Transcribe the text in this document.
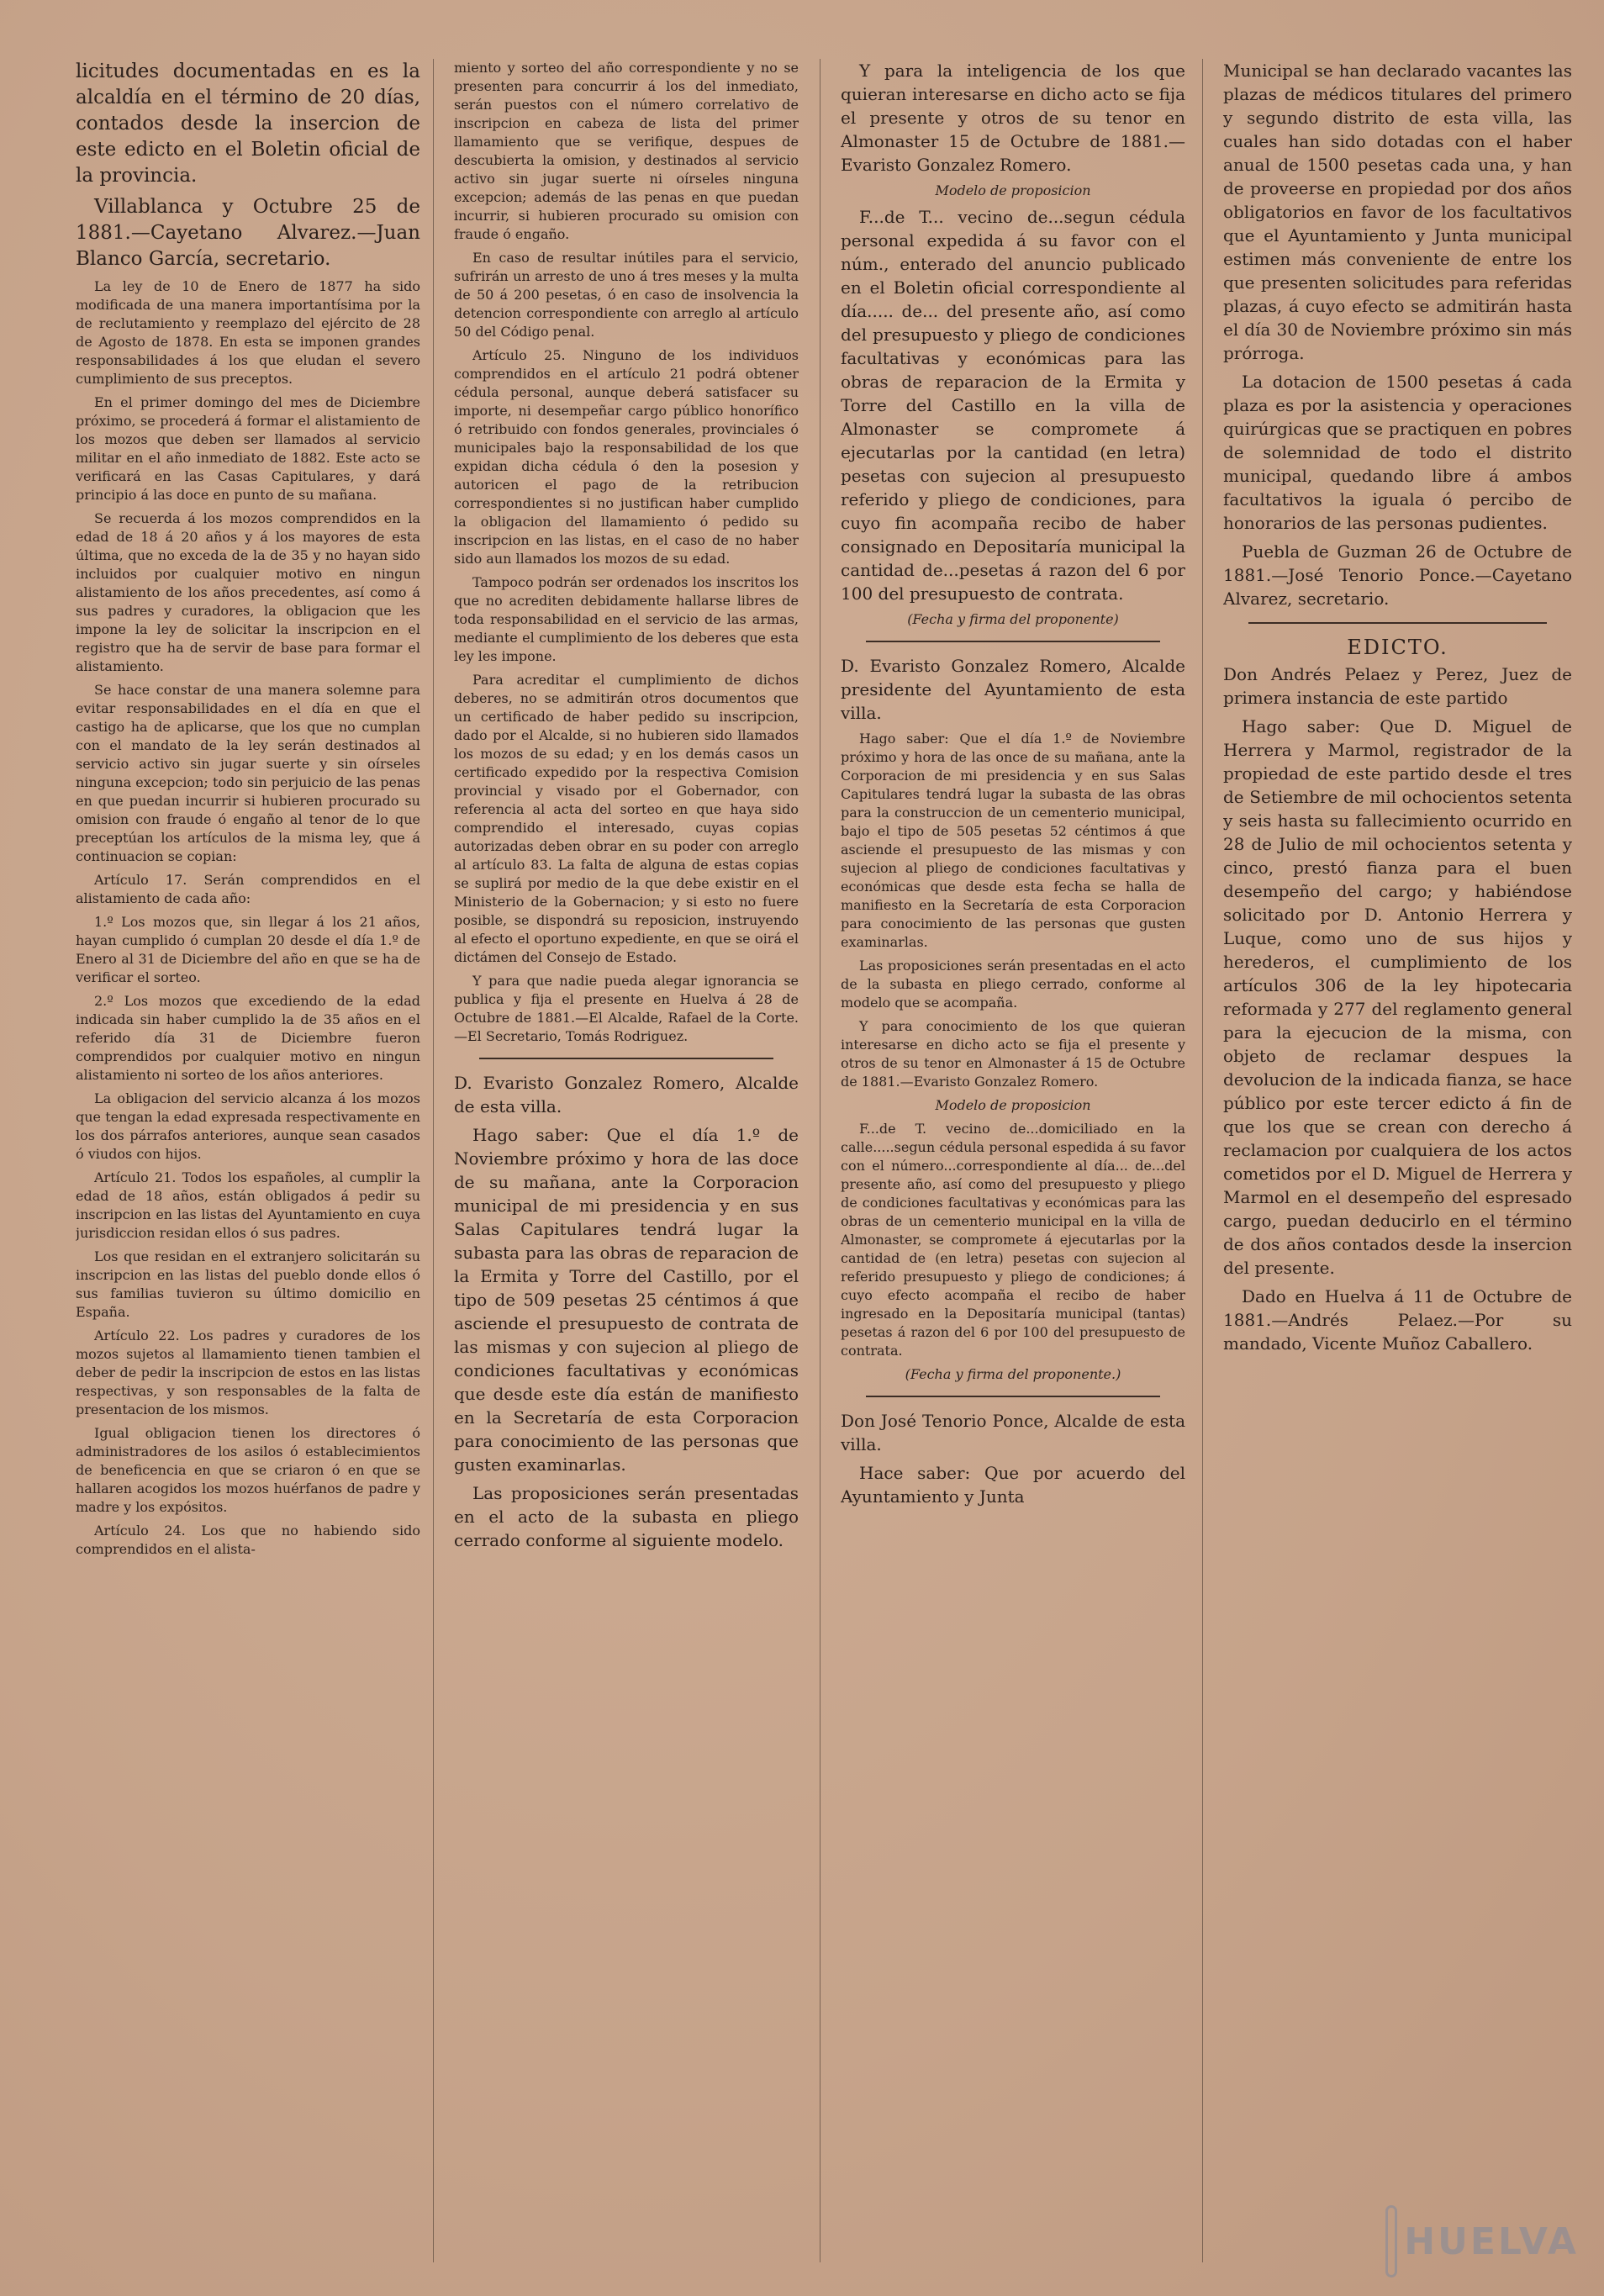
licitudes documentadas en es la alcaldía en el término de 20 días, contados desde la insercion de este edicto en el Boletin oficial de la provincia.

Villablanca y Octubre 25 de 1881.—Cayetano Alvarez.—Juan Blanco García, secretario.

La ley de 10 de Enero de 1877 ha sido modificada de una manera importantísima por la de reclutamiento y reemplazo del ejército de 28 de Agosto de 1878. En esta se imponen grandes responsabilidades á los que eludan el severo cumplimiento de sus preceptos.

En el primer domingo del mes de Diciembre próximo, se procederá á formar el alistamiento de los mozos que deben ser llamados al servicio militar en el año inmediato de 1882. Este acto se verificará en las Casas Capitulares, y dará principio á las doce en punto de su mañana.

Se recuerda á los mozos comprendidos en la edad de 18 á 20 años y á los mayores de esta última, que no exceda de la de 35 y no hayan sido incluidos por cualquier motivo en ningun alistamiento de los años precedentes, así como á sus padres y curadores, la obligacion que les impone la ley de solicitar la inscripcion en el registro que ha de servir de base para formar el alistamiento.

Se hace constar de una manera solemne para evitar responsabilidades en el día en que el castigo ha de aplicarse, que los que no cumplan con el mandato de la ley serán destinados al servicio activo sin jugar suerte y sin oírseles ninguna excepcion; todo sin perjuicio de las penas en que puedan incurrir si hubieren procurado su omision con fraude ó engaño al tenor de lo que preceptúan los artículos de la misma ley, que á continuacion se copian:

Artículo 17. Serán comprendidos en el alistamiento de cada año:

1.º Los mozos que, sin llegar á los 21 años, hayan cumplido ó cumplan 20 desde el día 1.º de Enero al 31 de Diciembre del año en que se ha de verificar el sorteo.

2.º Los mozos que excediendo de la edad indicada sin haber cumplido la de 35 años en el referido día 31 de Diciembre fueron comprendidos por cualquier motivo en ningun alistamiento ni sorteo de los años anteriores.

La obligacion del servicio alcanza á los mozos que tengan la edad expresada respectivamente en los dos párrafos anteriores, aunque sean casados ó viudos con hijos.

Artículo 21. Todos los españoles, al cumplir la edad de 18 años, están obligados á pedir su inscripcion en las listas del Ayuntamiento en cuya jurisdiccion residan ellos ó sus padres.

Los que residan en el extranjero solicitarán su inscripcion en las listas del pueblo donde ellos ó sus familias tuvieron su último domicilio en España.

Artículo 22. Los padres y curadores de los mozos sujetos al llamamiento tienen tambien el deber de pedir la inscripcion de estos en las listas respectivas, y son responsables de la falta de presentacion de los mismos.

Igual obligacion tienen los directores ó administradores de los asilos ó establecimientos de beneficencia en que se criaron ó en que se hallaren acogidos los mozos huérfanos de padre y madre y los expósitos.

Artículo 24. Los que no habiendo sido comprendidos en el alista-

miento y sorteo del año correspondiente y no se presenten para concurrir á los del inmediato, serán puestos con el número correlativo de inscripcion en cabeza de lista del primer llamamiento que se verifique, despues de descubierta la omision, y destinados al servicio activo sin jugar suerte ni oírseles ninguna excepcion; además de las penas en que puedan incurrir, si hubieren procurado su omision con fraude ó engaño.

En caso de resultar inútiles para el servicio, sufrirán un arresto de uno á tres meses y la multa de 50 á 200 pesetas, ó en caso de insolvencia la detencion correspondiente con arreglo al artículo 50 del Código penal.

Artículo 25. Ninguno de los individuos comprendidos en el artículo 21 podrá obtener cédula personal, aunque deberá satisfacer su importe, ni desempeñar cargo público honorífico ó retribuido con fondos generales, provinciales ó municipales bajo la responsabilidad de los que expidan dicha cédula ó den la posesion y autoricen el pago de la retribucion correspondientes si no justifican haber cumplido la obligacion del llamamiento ó pedido su inscripcion en las listas, en el caso de no haber sido aun llamados los mozos de su edad.

Tampoco podrán ser ordenados los inscritos los que no acrediten debidamente hallarse libres de toda responsabilidad en el servicio de las armas, mediante el cumplimiento de los deberes que esta ley les impone.

Para acreditar el cumplimiento de dichos deberes, no se admitirán otros documentos que un certificado de haber pedido su inscripcion, dado por el Alcalde, si no hubieren sido llamados los mozos de su edad; y en los demás casos un certificado expedido por la respectiva Comision provincial y visado por el Gobernador, con referencia al acta del sorteo en que haya sido comprendido el interesado, cuyas copias autorizadas deben obrar en su poder con arreglo al artículo 83. La falta de alguna de estas copias se suplirá por medio de la que debe existir en el Ministerio de la Gobernacion; y si esto no fuere posible, se dispondrá su reposicion, instruyendo al efecto el oportuno expediente, en que se oirá el dictámen del Consejo de Estado.

Y para que nadie pueda alegar ignorancia se publica y fija el presente en Huelva á 28 de Octubre de 1881.—El Alcalde, Rafael de la Corte.—El Secretario, Tomás Rodriguez.

D. Evaristo Gonzalez Romero, Alcalde de esta villa.

Hago saber: Que el día 1.º de Noviembre próximo y hora de las doce de su mañana, ante la Corporacion municipal de mi presidencia y en sus Salas Capitulares tendrá lugar la subasta para las obras de reparacion de la Ermita y Torre del Castillo, por el tipo de 509 pesetas 25 céntimos á que asciende el presupuesto de contrata de las mismas y con sujecion al pliego de condiciones facultativas y económicas que desde este día están de manifiesto en la Secretaría de esta Corporacion para conocimiento de las personas que gusten examinarlas.

Las proposiciones serán presentadas en el acto de la subasta en pliego cerrado conforme al siguiente modelo.

Y para la inteligencia de los que quieran interesarse en dicho acto se fija el presente y otros de su tenor en Almonaster 15 de Octubre de 1881.—Evaristo Gonzalez Romero.

Modelo de proposicion

F...de T... vecino de...segun cédula personal expedida á su favor con el núm., enterado del anuncio publicado en el Boletin oficial correspondiente al día..... de... del presente año, así como del presupuesto y pliego de condiciones facultativas y económicas para las obras de reparacion de la Ermita y Torre del Castillo en la villa de Almonaster se compromete á ejecutarlas por la cantidad (en letra) pesetas con sujecion al presupuesto referido y pliego de condiciones, para cuyo fin acompaña recibo de haber consignado en Depositaría municipal la cantidad de...pesetas á razon del 6 por 100 del presupuesto de contrata.

(Fecha y firma del proponente)

D. Evaristo Gonzalez Romero, Alcalde presidente del Ayuntamiento de esta villa.

Hago saber: Que el día 1.º de Noviembre próximo y hora de las once de su mañana, ante la Corporacion de mi presidencia y en sus Salas Capitulares tendrá lugar la subasta de las obras para la construccion de un cementerio municipal, bajo el tipo de 505 pesetas 52 céntimos á que asciende el presupuesto de las mismas y con sujecion al pliego de condiciones facultativas y económicas que desde esta fecha se halla de manifiesto en la Secretaría de esta Corporacion para conocimiento de las personas que gusten examinarlas.

Las proposiciones serán presentadas en el acto de la subasta en pliego cerrado, conforme al modelo que se acompaña.

Y para conocimiento de los que quieran interesarse en dicho acto se fija el presente y otros de su tenor en Almonaster á 15 de Octubre de 1881.—Evaristo Gonzalez Romero.

Modelo de proposicion

F...de T. vecino de...domiciliado en la calle.....segun cédula personal espedida á su favor con el número...correspondiente al día... de...del presente año, así como del presupuesto y pliego de condiciones facultativas y económicas para las obras de un cementerio municipal en la villa de Almonaster, se compromete á ejecutarlas por la cantidad de (en letra) pesetas con sujecion al referido presupuesto y pliego de condiciones; á cuyo efecto acompaña el recibo de haber ingresado en la Depositaría municipal (tantas) pesetas á razon del 6 por 100 del presupuesto de contrata.

(Fecha y firma del proponente.)

Don José Tenorio Ponce, Alcalde de esta villa.

Hace saber: Que por acuerdo del Ayuntamiento y Junta

Municipal se han declarado vacantes las plazas de médicos titulares del primero y segundo distrito de esta villa, las cuales han sido dotadas con el haber anual de 1500 pesetas cada una, y han de proveerse en propiedad por dos años obligatorios en favor de los facultativos que el Ayuntamiento y Junta municipal estimen más conveniente de entre los que presenten solicitudes para referidas plazas, á cuyo efecto se admitirán hasta el día 30 de Noviembre próximo sin más prórroga.

La dotacion de 1500 pesetas á cada plaza es por la asistencia y operaciones quirúrgicas que se practiquen en pobres de solemnidad de todo el distrito municipal, quedando libre á ambos facultativos la iguala ó percibo de honorarios de las personas pudientes.

Puebla de Guzman 26 de Octubre de 1881.—José Tenorio Ponce.—Cayetano Alvarez, secretario.

EDICTO.

Don Andrés Pelaez y Perez, Juez de primera instancia de este partido

Hago saber: Que D. Miguel de Herrera y Marmol, registrador de la propiedad de este partido desde el tres de Setiembre de mil ochocientos setenta y seis hasta su fallecimiento ocurrido en 28 de Julio de mil ochocientos setenta y cinco, prestó fianza para el buen desempeño del cargo; y habiéndose solicitado por D. Antonio Herrera y Luque, como uno de sus hijos y herederos, el cumplimiento de los artículos 306 de la ley hipotecaria reformada y 277 del reglamento general para la ejecucion de la misma, con objeto de reclamar despues la devolucion de la indicada fianza, se hace público por este tercer edicto á fin de que los que se crean con derecho á reclamacion por cualquiera de los actos cometidos por el D. Miguel de Herrera y Marmol en el desempeño del espresado cargo, puedan deducirlo en el término de dos años contados desde la insercion del presente.

Dado en Huelva á 11 de Octubre de 1881.—Andrés Pelaez.—Por su mandado, Vicente Muñoz Caballero.

HUELVA
